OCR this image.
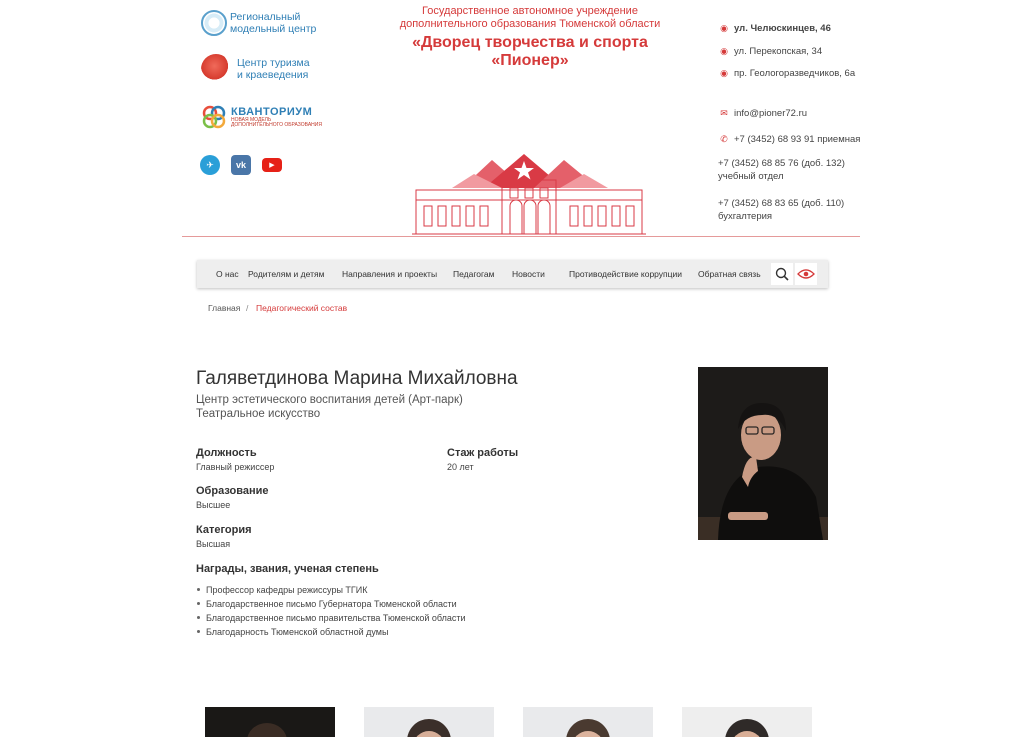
Региональный
модельный центр
Центр туризма
и краеведения
КВАНТОРИУМ
НОВАЯ МОДЕЛЬ
ДОПОЛНИТЕЛЬНОГО ОБРАЗОВАНИЯ
✈	vk	▶
Государственное автономное учреждение
дополнительного образования Тюменской области
«Дворец творчества и спорта «Пионер»
◉ ул. Челюскинцев, 46
◉ ул. Перекопская, 34
◉ пр. Геологоразведчиков, 6а
✉ info@pioner72.ru
✆ +7 (3452) 68 93 91 приемная
+7 (3452) 68 85 76 (доб. 132)
учебный отдел
+7 (3452) 68 83 65 (доб. 110)
бухгалтерия
О нас Родителям и детям Направления и проекты Педагогам Новости	Противодействие коррупции Обратная связь
Главная / Педагогический состав
Галяветдинова Марина Михайловна
Центр эстетического воспитания детей (Арт-парк)
Театральное искусство
Должность
Главный режиссер
Стаж работы
20 лет
Образование
Высшее
Категория
Высшая
Награды, звания, ученая степень
Профессор кафедры режиссуры ТГИК
Благодарственное письмо Губернатора Тюменской области
Благодарственное письмо правительства Тюменской области
Благодарность Тюменской областной думы
